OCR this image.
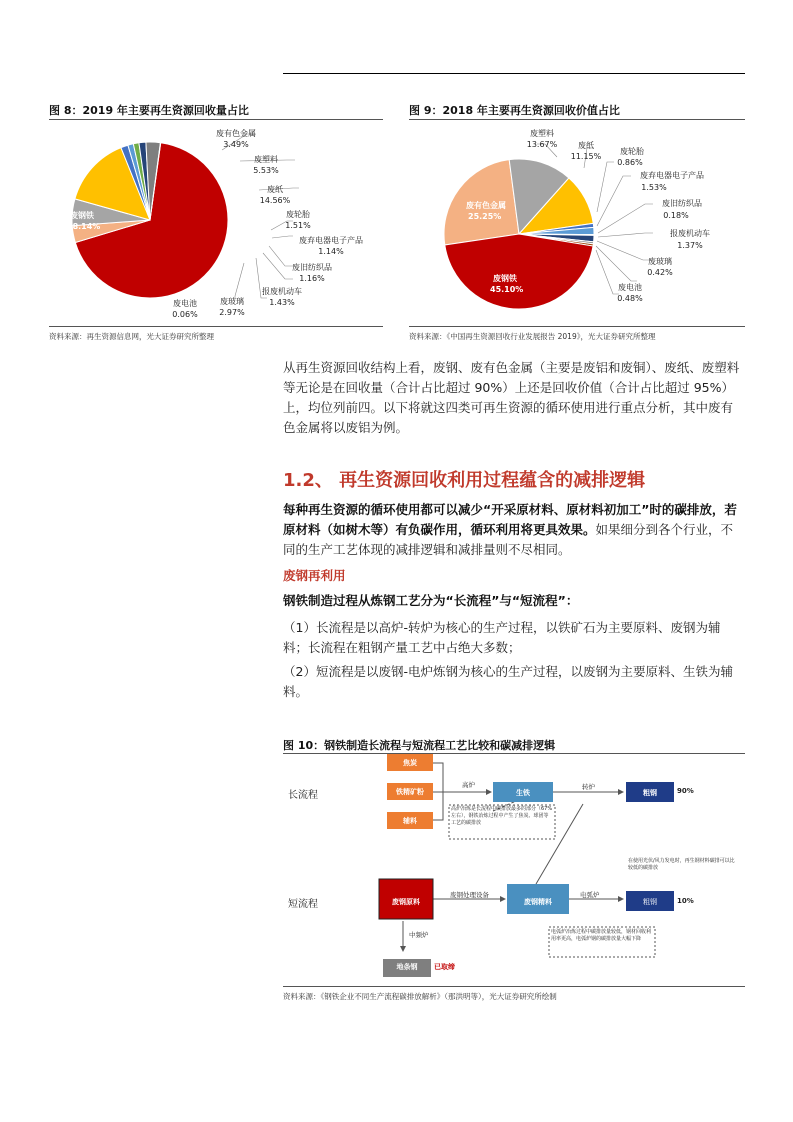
图 8：2019 年主要再生资源回收量占比
废钢铁
68.14%
废有色金属
3.49%
废塑料
5.53%
废纸
14.56%
废轮胎
1.51%
废弃电器电子产品
1.14%
废旧纺织品
1.16%
报废机动车
1.43%
废玻璃
2.97%
废电池
0.06%
资料来源：再生资源信息网，光大证券研究所整理
图 9：2018 年主要再生资源回收价值占比
废有色金属
25.25%
废钢铁
45.10%
废塑料
13.67%	废纸
11.15%
废轮胎
0.86%
废弃电器电子产品
1.53%
废旧纺织品
0.18%
报废机动车
1.37%
废玻璃
0.42%
废电池
0.48%
资料来源：《中国再生资源回收行业发展报告 2019》，光大证券研究所整理
从再生资源回收结构上看，废钢、废有色金属（主要是废铝和废铜）、废纸、废塑料等无论是在回收量（合计占比超过 90%）上还是回收价值（合计占比超过 95%）上，均位列前四。以下将就这四类可再生资源的循环使用进行重点分析，其中废有色金属将以废铝为例。
1.2、 再生资源回收利用过程蕴含的减排逻辑
每种再生资源的循环使用都可以减少“开采原材料、原材料初加工”时的碳排放，若原材料（如树木等）有负碳作用，循环利用将更具效果。如果细分到各个行业，不同的生产工艺体现的减排逻辑和减排量则不尽相同。
废钢再利用
钢铁制造过程从炼钢工艺分为“长流程”与“短流程”：
（1）长流程是以高炉-转炉为核心的生产过程，以铁矿石为主要原料、废钢为辅料；长流程在粗钢产量工艺中占绝大多数；
（2）短流程是以废钢-电炉炼钢为核心的生产过程，以废钢为主要原料、生铁为辅料。
图 10：钢铁制造长流程与短流程工艺比较和碳减排逻辑
长流程
短流程
焦炭
铁精矿粉
辅料
生铁	粗钢
废钢原料	废钢精料	粗钢
地条钢
高炉	转炉
废钢处理设备	电弧炉
中频炉
已取缔
90%
10%
高炉冶炼是长流程中碳排放最多的部分（67%左右），钢铁冶炼过程中产生了焦炭、球团等工艺的碳排放
在使用光伏/风力发电时，再生钢材料碳排可以比较低的碳排放
电弧炉冶炼过程中碳排放量较低，钢材回收利用率更高，电弧炉钢的碳排放量大幅下降
资料来源：《钢铁企业不同生产流程碳排放解析》（那洪明等），光大证券研究所绘制
